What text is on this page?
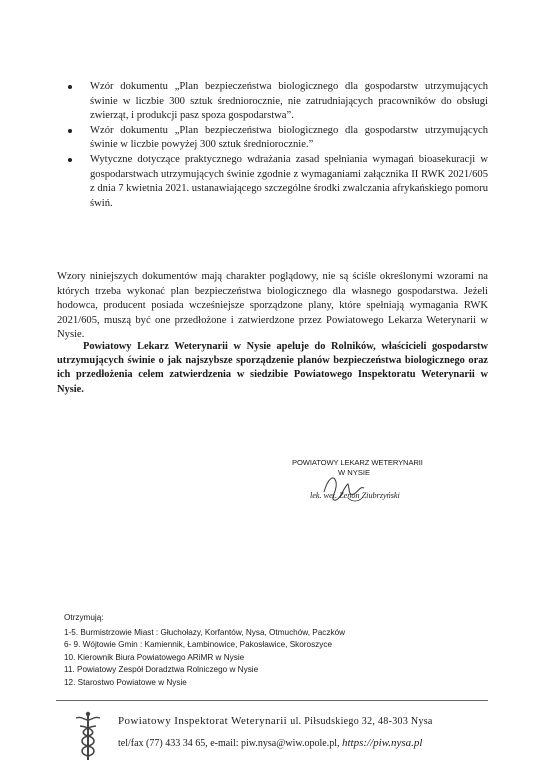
Wzór dokumentu „Plan bezpieczeństwa biologicznego dla gospodarstw utrzymujących świnie w liczbie 300 sztuk średniorocznie, nie zatrudniających pracowników do obsługi zwierząt, i produkcji pasz spoza gospodarstwa”.
Wzór dokumentu „Plan bezpieczeństwa biologicznego dla gospodarstw utrzymujących świnie w liczbie powyżej 300 sztuk średniorocznie.”
Wytyczne dotyczące praktycznego wdrażania zasad spełniania wymagań bioasekuracji w gospodarstwach utrzymujących świnie zgodnie z wymaganiami załącznika II RWK 2021/605 z dnia 7 kwietnia 2021. ustanawiającego szczególne środki zwalczania afrykańskiego pomoru świń.

Wzory niniejszych dokumentów mają charakter poglądowy, nie są ściśle określonymi wzorami na których trzeba wykonać plan bezpieczeństwa biologicznego dla własnego gospodarstwa. Jeżeli hodowca, producent posiada wcześniejsze sporządzone plany, które spełniają wymagania RWK 2021/605, muszą być one przedłożone i zatwierdzone przez Powiatowego Lekarza Weterynarii w Nysie.

Powiatowy Lekarz Weterynarii w Nysie apeluje do Rolników, właścicieli gospodarstw utrzymujących świnie o jak najszybsze sporządzenie planów bezpieczeństwa biologicznego oraz ich przedłożenia celem zatwierdzenia w siedzibie Powiatowego Inspektoratu Weterynarii w Nysie.

POWIATOWY LEKARZ WETERYNARII
W NYSIE
lek. wet. Zenon Ziubrzyński
Otrzymują:
1-5. Burmistrzowie Miast : Głuchołazy, Korfantów, Nysa, Otmuchów, Paczków
6- 9. Wójtowie Gmin : Kamiennik, Łambinowice, Pakosławice, Skoroszyce
10. Kierownik Biura Powiatowego ARiMR w Nysie
11. Powiatowy Zespół Doradztwa Rolniczego w Nysie
12. Starostwo Powiatowe w Nysie
Powiatowy Inspektorat Weterynarii ul. Piłsudskiego 32, 48-303 Nysa
tel/fax (77) 433 34 65, e-mail: piw.nysa@wiw.opole.pl, https://piw.nysa.pl
